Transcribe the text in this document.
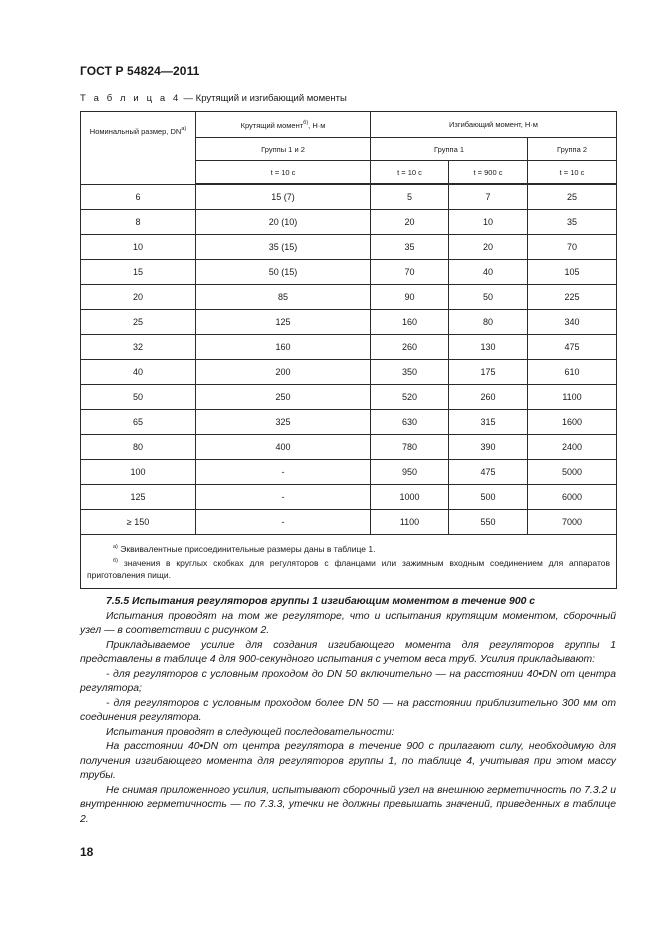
ГОСТ Р 54824—2011
Т а б л и ц а 4 — Крутящий и изгибающий моменты
Номинальный размер, DN$^{а)}$	Крутящий момент$^{б)}$, Н·м	Изгибающий момент, Н·м		
	Группы 1 и 2	Группа 1		Группа 2
	t = 10 с	t = 10 с	t = 900 с	t = 10 с
6	15 (7)	5	7	25
8	20 (10)	20	10	35
10	35 (15)	35	20	70
15	50 (15)	70	40	105
20	85	90	50	225
25	125	160	80	340
32	160	260	130	475
40	200	350	175	610
50	250	520	260	1100
65	325	630	315	1600
80	400	780	390	2400
100	-	950	475	5000
125	-	1000	500	6000
≥ 150	-	1100	550	7000

$^{а)}$ Эквивалентные присоединительные размеры даны в таблице 1.
$^{б)}$ значения в круглых скобках для регуляторов с фланцами или зажимным входным соединением для аппаратов приготовления пищи.				
7.5.5 Испытания регуляторов группы 1 изгибающим моментом в течение 900 с
Испытания проводят на том же регуляторе, что и испытания крутящим моментом, сборочный узел — в соответствии с рисунком 2.
Прикладываемое усилие для создания изгибающего момента для регуляторов группы 1 представлены в таблице 4 для 900-секундного испытания с учетом веса труб. Усилия прикладывают:
- для регуляторов с условным проходом до DN 50 включительно — на расстоянии 40•DN от центра регулятора;
- для регуляторов с условным проходом более DN 50 — на расстоянии приблизительно 300 мм от соединения регулятора.
Испытания проводят в следующей последовательности:
На расстоянии 40•DN от центра регулятора в течение 900 с прилагают силу, необходимую для получения изгибающего момента для регуляторов группы 1, по таблице 4, учитывая при этом массу трубы.
Не снимая приложенного усилия, испытывают сборочный узел на внешнюю герметичность по 7.3.2 и внутреннюю герметичность — по 7.3.3, утечки не должны превышать значений, приведенных в таблице 2.
18
